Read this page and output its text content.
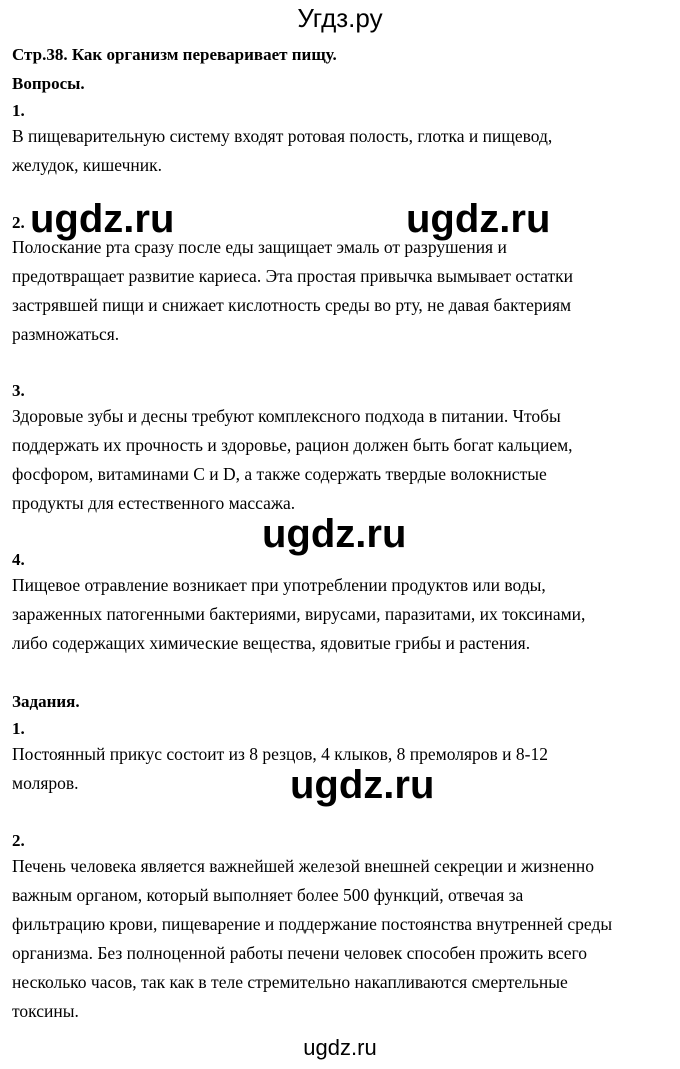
Угдз.ру
Стр.38. Как организм переваривает пищу.
Вопросы.
1.
В пищеварительную систему входят ротовая полость, глотка и пищевод,
желудок, кишечник.
2.
Полоскание рта сразу после еды защищает эмаль от разрушения и
предотвращает развитие кариеса. Эта простая привычка вымывает остатки
застрявшей пищи и снижает кислотность среды во рту, не давая бактериям
размножаться.
3.
Здоровые зубы и десны требуют комплексного подхода в питании. Чтобы
поддержать их прочность и здоровье, рацион должен быть богат кальцием,
фосфором, витаминами С и D, а также содержать твердые волокнистые
продукты для естественного массажа.
4.
Пищевое отравление возникает при употреблении продуктов или воды,
зараженных патогенными бактериями, вирусами, паразитами, их токсинами,
либо содержащих химические вещества, ядовитые грибы и растения.
Задания.
1.
Постоянный прикус состоит из 8 резцов, 4 клыков, 8 премоляров и 8-12
моляров.
2.
Печень человека является важнейшей железой внешней секреции и жизненно
важным органом, который выполняет более 500 функций, отвечая за
фильтрацию крови, пищеварение и поддержание постоянства внутренней среды
организма. Без полноценной работы печени человек способен прожить всего
несколько часов, так как в теле стремительно накапливаются смертельные
токсины.
ugdz.ru	ugdz.ru
ugdz.ru
ugdz.ru
ugdz.ru
